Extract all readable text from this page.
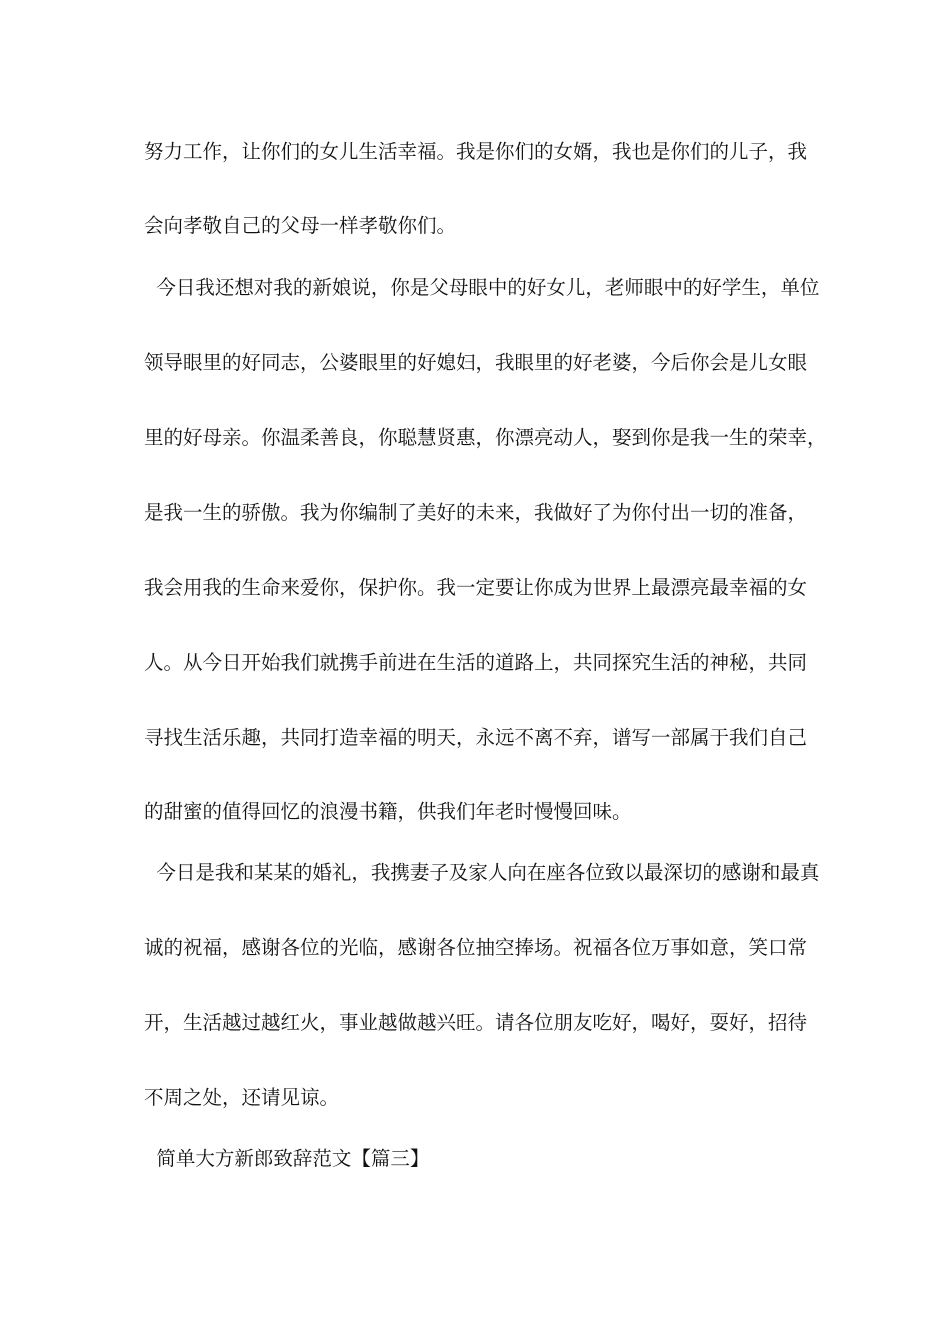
努力工作，让你们的女儿生活幸福。我是你们的女婿，我也是你们的儿子，我
会向孝敬自己的父母一样孝敬你们。
今日我还想对我的新娘说，你是父母眼中的好女儿，老师眼中的好学生，单位
领导眼里的好同志，公婆眼里的好媳妇，我眼里的好老婆，今后你会是儿女眼
里的好母亲。你温柔善良，你聪慧贤惠，你漂亮动人，娶到你是我一生的荣幸，
是我一生的骄傲。我为你编制了美好的未来，我做好了为你付出一切的准备，
我会用我的生命来爱你，保护你。我一定要让你成为世界上最漂亮最幸福的女
人。从今日开始我们就携手前进在生活的道路上，共同探究生活的神秘，共同
寻找生活乐趣，共同打造幸福的明天，永远不离不弃，谱写一部属于我们自己
的甜蜜的值得回忆的浪漫书籍，供我们年老时慢慢回味。
今日是我和某某的婚礼，我携妻子及家人向在座各位致以最深切的感谢和最真
诚的祝福，感谢各位的光临，感谢各位抽空捧场。祝福各位万事如意，笑口常
开，生活越过越红火，事业越做越兴旺。请各位朋友吃好，喝好，耍好，招待
不周之处，还请见谅。
简单大方新郎致辞范文【篇三】
